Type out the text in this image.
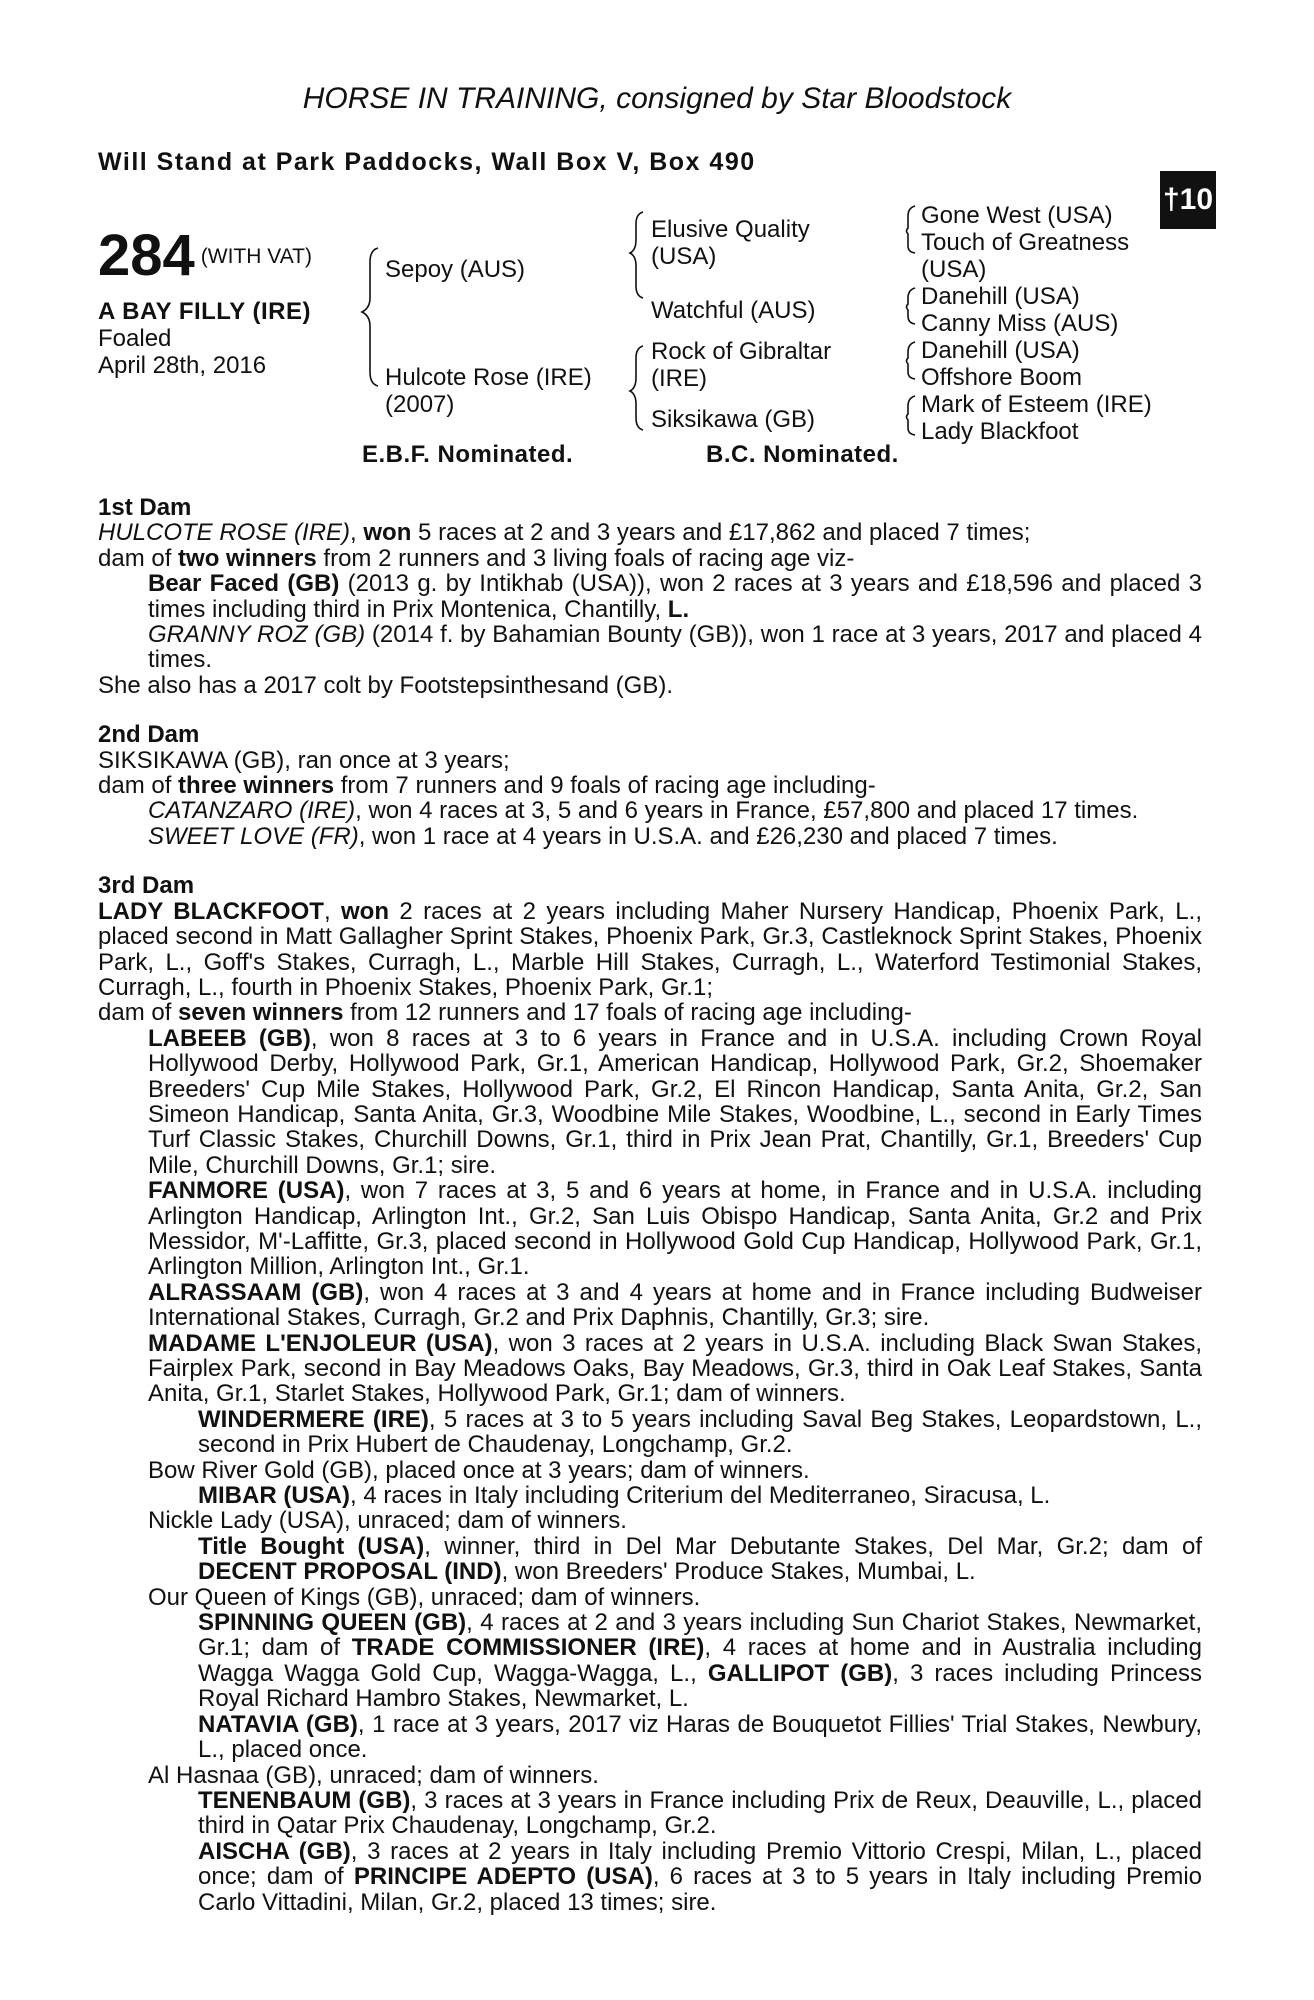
HORSE IN TRAINING, consigned by Star Bloodstock
Will Stand at Park Paddocks, Wall Box V, Box 490
†10
284 (WITH VAT)
A BAY FILLY (IRE)
Foaled
April 28th, 2016
Sepoy (AUS)
Hulcote Rose (IRE)
(2007)
Elusive Quality
(USA)
Watchful (AUS)
Rock of Gibraltar
(IRE)
Siksikawa (GB)
Gone West (USA)
Touch of Greatness
(USA)
Danehill (USA)
Canny Miss (AUS)
Danehill (USA)
Offshore Boom
Mark of Esteem (IRE)
Lady Blackfoot
E.B.F. Nominated.	B.C. Nominated.
1st Dam
HULCOTE ROSE (IRE), won 5 races at 2 and 3 years and £17,862 and placed 7 times;
dam of two winners from 2 runners and 3 living foals of racing age viz-
Bear Faced (GB) (2013 g. by Intikhab (USA)), won 2 races at 3 years and £18,596 and placed 3 times including third in Prix Montenica, Chantilly, L.
GRANNY ROZ (GB) (2014 f. by Bahamian Bounty (GB)), won 1 race at 3 years, 2017 and placed 4 times.
She also has a 2017 colt by Footstepsinthesand (GB).
2nd Dam
SIKSIKAWA (GB), ran once at 3 years;
dam of three winners from 7 runners and 9 foals of racing age including-
CATANZARO (IRE), won 4 races at 3, 5 and 6 years in France, £57,800 and placed 17 times.
SWEET LOVE (FR), won 1 race at 4 years in U.S.A. and £26,230 and placed 7 times.
3rd Dam
LADY BLACKFOOT, won 2 races at 2 years including Maher Nursery Handicap, Phoenix Park, L., placed second in Matt Gallagher Sprint Stakes, Phoenix Park, Gr.3, Castleknock Sprint Stakes, Phoenix Park, L., Goff's Stakes, Curragh, L., Marble Hill Stakes, Curragh, L., Waterford Testimonial Stakes, Curragh, L., fourth in Phoenix Stakes, Phoenix Park, Gr.1;
dam of seven winners from 12 runners and 17 foals of racing age including-
LABEEB (GB), won 8 races at 3 to 6 years in France and in U.S.A. including Crown Royal Hollywood Derby, Hollywood Park, Gr.1, American Handicap, Hollywood Park, Gr.2, Shoemaker Breeders' Cup Mile Stakes, Hollywood Park, Gr.2, El Rincon Handicap, Santa Anita, Gr.2, San Simeon Handicap, Santa Anita, Gr.3, Woodbine Mile Stakes, Woodbine, L., second in Early Times Turf Classic Stakes, Churchill Downs, Gr.1, third in Prix Jean Prat, Chantilly, Gr.1, Breeders' Cup Mile, Churchill Downs, Gr.1; sire.
FANMORE (USA), won 7 races at 3, 5 and 6 years at home, in France and in U.S.A. including Arlington Handicap, Arlington Int., Gr.2, San Luis Obispo Handicap, Santa Anita, Gr.2 and Prix Messidor, M'-Laffitte, Gr.3, placed second in Hollywood Gold Cup Handicap, Hollywood Park, Gr.1, Arlington Million, Arlington Int., Gr.1.
ALRASSAAM (GB), won 4 races at 3 and 4 years at home and in France including Budweiser International Stakes, Curragh, Gr.2 and Prix Daphnis, Chantilly, Gr.3; sire.
MADAME L'ENJOLEUR (USA), won 3 races at 2 years in U.S.A. including Black Swan Stakes, Fairplex Park, second in Bay Meadows Oaks, Bay Meadows, Gr.3, third in Oak Leaf Stakes, Santa Anita, Gr.1, Starlet Stakes, Hollywood Park, Gr.1; dam of winners.
WINDERMERE (IRE), 5 races at 3 to 5 years including Saval Beg Stakes, Leopardstown, L., second in Prix Hubert de Chaudenay, Longchamp, Gr.2.
Bow River Gold (GB), placed once at 3 years; dam of winners.
MIBAR (USA), 4 races in Italy including Criterium del Mediterraneo, Siracusa, L.
Nickle Lady (USA), unraced; dam of winners.
Title Bought (USA), winner, third in Del Mar Debutante Stakes, Del Mar, Gr.2; dam of DECENT PROPOSAL (IND), won Breeders' Produce Stakes, Mumbai, L.
Our Queen of Kings (GB), unraced; dam of winners.
SPINNING QUEEN (GB), 4 races at 2 and 3 years including Sun Chariot Stakes, Newmarket, Gr.1; dam of TRADE COMMISSIONER (IRE), 4 races at home and in Australia including Wagga Wagga Gold Cup, Wagga-Wagga, L., GALLIPOT (GB), 3 races including Princess Royal Richard Hambro Stakes, Newmarket, L.
NATAVIA (GB), 1 race at 3 years, 2017 viz Haras de Bouquetot Fillies' Trial Stakes, Newbury, L., placed once.
Al Hasnaa (GB), unraced; dam of winners.
TENENBAUM (GB), 3 races at 3 years in France including Prix de Reux, Deauville, L., placed third in Qatar Prix Chaudenay, Longchamp, Gr.2.
AISCHA (GB), 3 races at 2 years in Italy including Premio Vittorio Crespi, Milan, L., placed once; dam of PRINCIPE ADEPTO (USA), 6 races at 3 to 5 years in Italy including Premio Carlo Vittadini, Milan, Gr.2, placed 13 times; sire.
